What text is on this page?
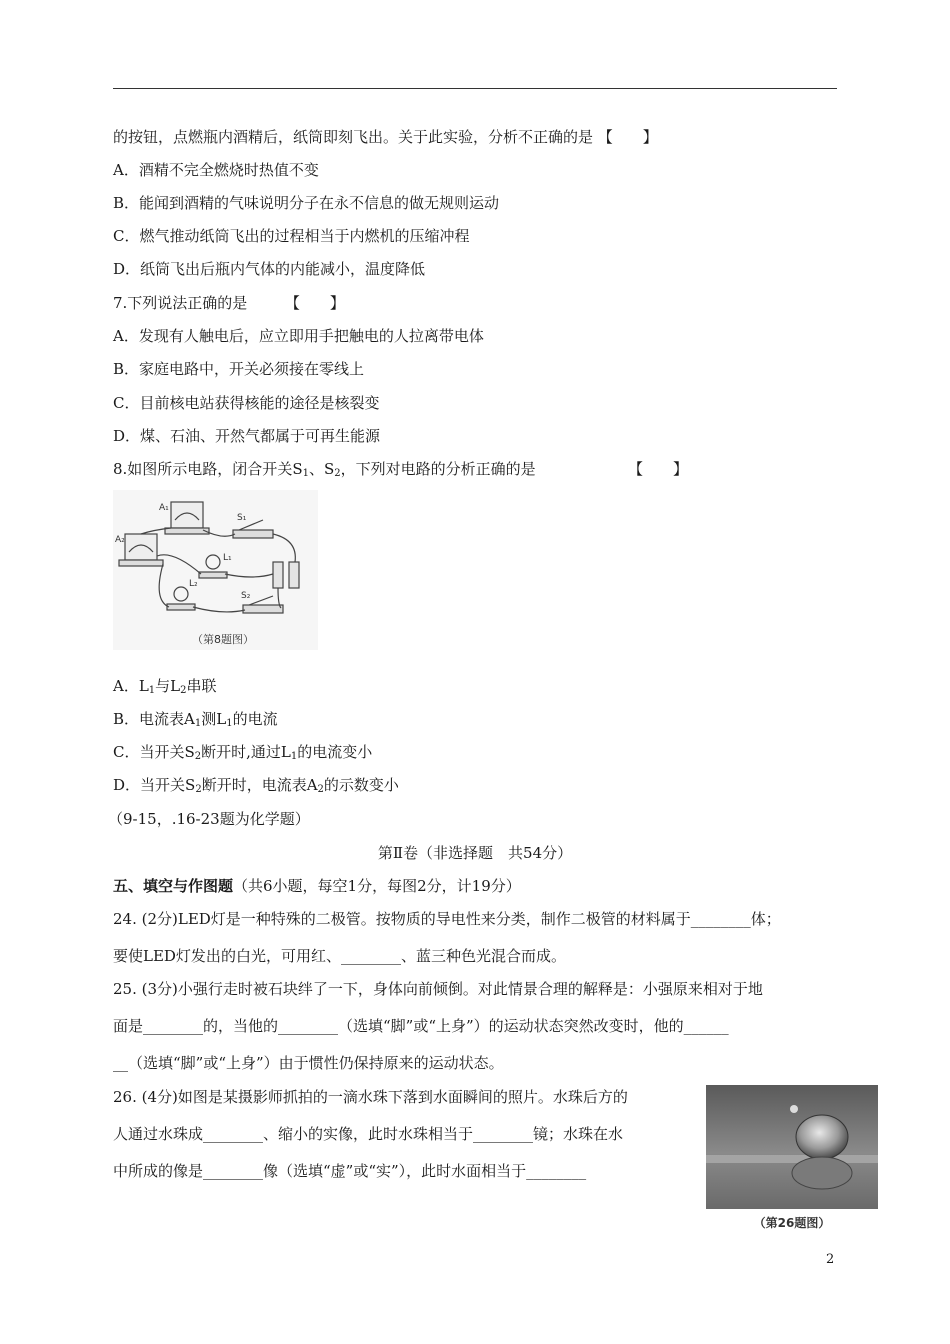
的按钮，点燃瓶内酒精后，纸筒即刻飞出。关于此实验，分析不正确的是 【　　】
A．酒精不完全燃烧时热值不变
B．能闻到酒精的气味说明分子在永不信息的做无规则运动
C．燃气推动纸筒飞出的过程相当于内燃机的压缩冲程
D．纸筒飞出后瓶内气体的内能减小，温度降低
7.下列说法正确的是　　　【　　】
A．发现有人触电后，应立即用手把触电的人拉离带电体
B．家庭电路中，开关必须接在零线上
C．目前核电站获得核能的途径是核裂变
D．煤、石油、开然气都属于可再生能源
8.如图所示电路，闭合开关$S_1$、$S_2$，下列对电路的分析正确的是	【　　】
A₁
A₂
S₁
S₂
L₁
L₂
（第8题图）
A．$L_1$与$L_2$串联
B．电流表$A_1$测$L_1$的电流
C．当开关$S_2$断开时,通过$L_1$的电流变小
D．当开关$S_2$断开时，电流表$A_2$的示数变小
（9-15，.16-23题为化学题）
第Ⅱ卷（非选择题　共54分）
五、填空与作图题（共6小题，每空1分，每图2分，计19分）
24. (2分)LED灯是一种特殊的二极管。按物质的导电性来分类，制作二极管的材料属于________体；
要使LED灯发出的白光，可用红、________、蓝三种色光混合而成。
25. (3分)小强行走时被石块绊了一下，身体向前倾倒。对此情景合理的解释是：小强原来相对于地
面是________的，当他的________（选填“脚”或“上身”）的运动状态突然改变时，他的______
__（选填“脚”或“上身”）由于惯性仍保持原来的运动状态。
26. (4分)如图是某摄影师抓拍的一滴水珠下落到水面瞬间的照片。水珠后方的
人通过水珠成________、缩小的实像，此时水珠相当于________镜；水珠在水
中所成的像是________像（选填“虚”或“实”），此时水面相当于________
（第26题图）
2
